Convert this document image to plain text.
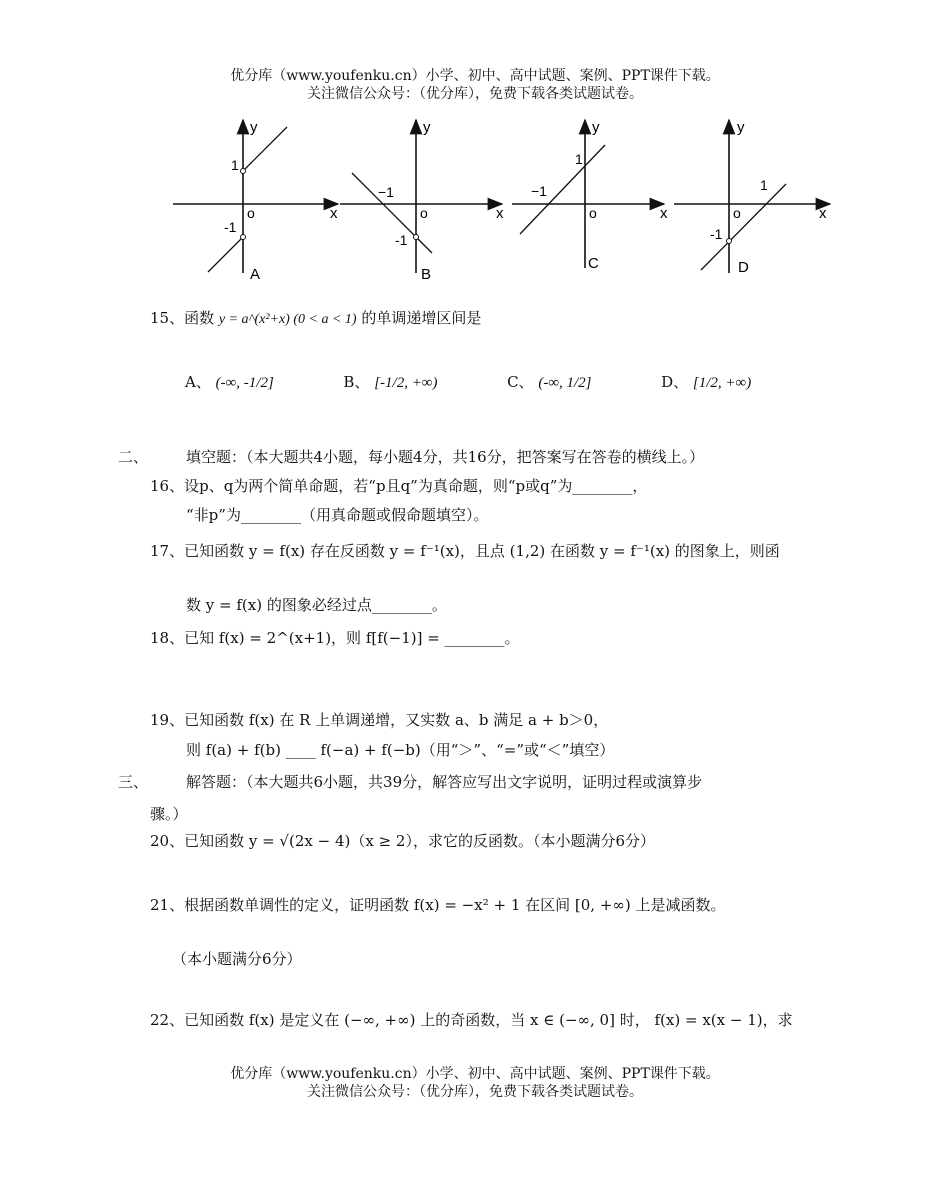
优分库（www.youfenku.cn）小学、初中、高中试题、案例、PPT课件下载。
关注微信公众号：（优分库），免费下载各类试题试卷。
y
x
o
1
-1
A
y
x
o
−1
-1
B
y
x
o
1
−1
C
y
x
o
1
-1
D
15、函数 y = a^(x²+x) (0 < a < 1) 的单调递增区间是
A、 (-∞, -1/2]	B、 [-1/2, +∞)	C、 (-∞, 1/2]	D、 [1/2, +∞)
二、	填空题：（本大题共4小题，每小题4分，共16分，把答案写在答卷的横线上。）
16、设p、q为两个简单命题，若“p且q”为真命题，则“p或q”为________，
“非p”为________（用真命题或假命题填空）。
17、已知函数 y = f(x) 存在反函数 y = f⁻¹(x)，且点 (1,2) 在函数 y = f⁻¹(x) 的图象上，则函
数 y = f(x) 的图象必经过点________。
18、已知 f(x) = 2^(x+1)，则 f[f(−1)] = ________。
19、已知函数 f(x) 在 R 上单调递增，又实数 a、b 满足 a + b＞0，
则 f(a) + f(b) ____ f(−a) + f(−b)（用“＞”、“=”或“＜”填空）
三、	解答题：（本大题共6小题，共39分，解答应写出文字说明，证明过程或演算步
骤。）
20、已知函数 y = √(2x − 4)（x ≥ 2），求它的反函数。（本小题满分6分）
21、根据函数单调性的定义，证明函数 f(x) = −x² + 1 在区间 [0, +∞) 上是减函数。
（本小题满分6分）
22、已知函数 f(x) 是定义在 (−∞, +∞) 上的奇函数，当 x ∈ (−∞, 0] 时， f(x) = x(x − 1)，求
优分库（www.youfenku.cn）小学、初中、高中试题、案例、PPT课件下载。
关注微信公众号：（优分库），免费下载各类试题试卷。
